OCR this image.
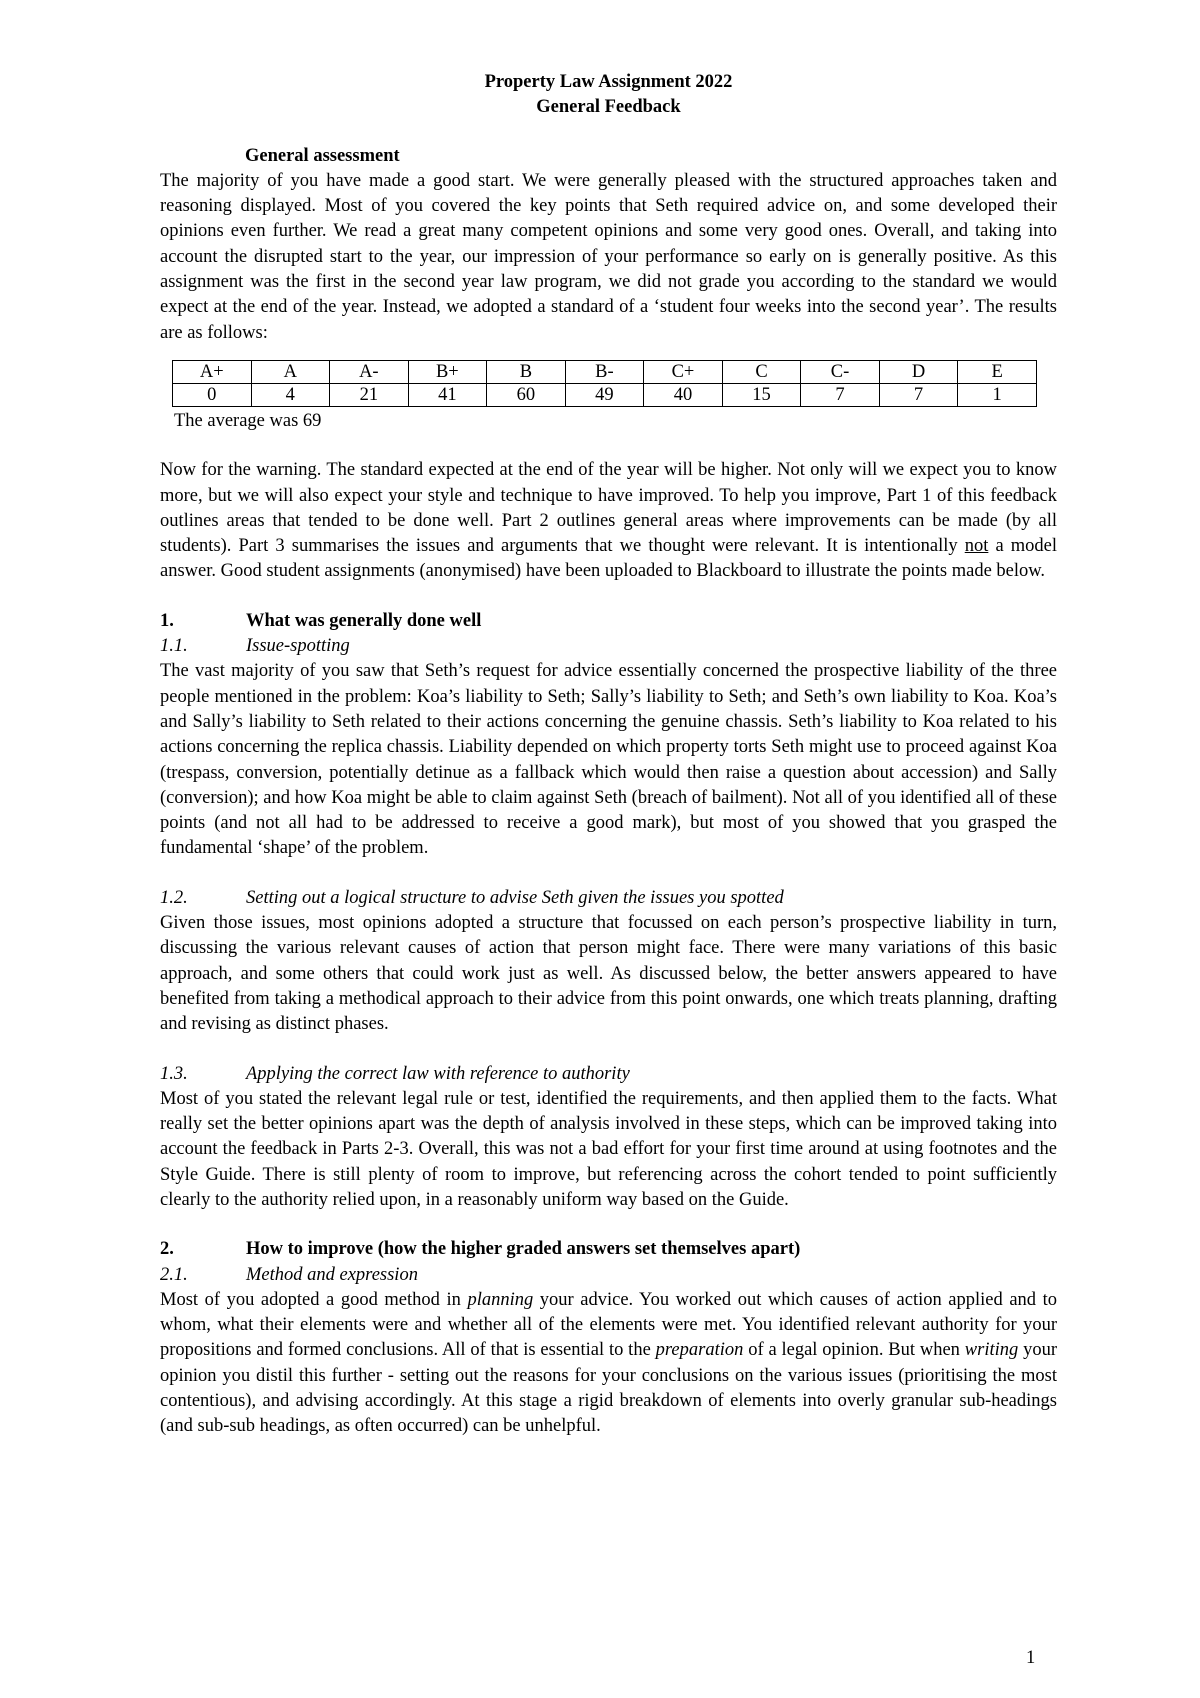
Property Law Assignment 2022

General Feedback

General assessment

The majority of you have made a good start. We were generally pleased with the structured approaches taken and reasoning displayed. Most of you covered the key points that Seth required advice on, and some developed their opinions even further. We read a great many competent opinions and some very good ones. Overall, and taking into account the disrupted start to the year, our impression of your performance so early on is generally positive. As this assignment was the first in the second year law program, we did not grade you according to the standard we would expect at the end of the year. Instead, we adopted a standard of a ‘student four weeks into the second year’. The results are as follows:

A+	A	A-	B+	B	B-	C+	C	C-	D	E
0	4	21	41	60	49	40	15	7	7	1

The average was 69

Now for the warning. The standard expected at the end of the year will be higher. Not only will we expect you to know more, but we will also expect your style and technique to have improved. To help you improve, Part 1 of this feedback outlines areas that tended to be done well. Part 2 outlines general areas where improvements can be made (by all students). Part 3 summarises the issues and arguments that we thought were relevant. It is intentionally not a model answer. Good student assignments (anonymised) have been uploaded to Blackboard to illustrate the points made below.

1.	What was generally done well

1.1.	Issue-spotting

The vast majority of you saw that Seth’s request for advice essentially concerned the prospective liability of the three people mentioned in the problem: Koa’s liability to Seth; Sally’s liability to Seth; and Seth’s own liability to Koa. Koa’s and Sally’s liability to Seth related to their actions concerning the genuine chassis. Seth’s liability to Koa related to his actions concerning the replica chassis. Liability depended on which property torts Seth might use to proceed against Koa (trespass, conversion, potentially detinue as a fallback which would then raise a question about accession) and Sally (conversion); and how Koa might be able to claim against Seth (breach of bailment). Not all of you identified all of these points (and not all had to be addressed to receive a good mark), but most of you showed that you grasped the fundamental ‘shape’ of the problem.

1.2.	Setting out a logical structure to advise Seth given the issues you spotted

Given those issues, most opinions adopted a structure that focussed on each person’s prospective liability in turn, discussing the various relevant causes of action that person might face. There were many variations of this basic approach, and some others that could work just as well. As discussed below, the better answers appeared to have benefited from taking a methodical approach to their advice from this point onwards, one which treats planning, drafting and revising as distinct phases.

1.3.	Applying the correct law with reference to authority

Most of you stated the relevant legal rule or test, identified the requirements, and then applied them to the facts. What really set the better opinions apart was the depth of analysis involved in these steps, which can be improved taking into account the feedback in Parts 2-3. Overall, this was not a bad effort for your first time around at using footnotes and the Style Guide. There is still plenty of room to improve, but referencing across the cohort tended to point sufficiently clearly to the authority relied upon, in a reasonably uniform way based on the Guide.

2.	How to improve (how the higher graded answers set themselves apart)

2.1.	Method and expression

Most of you adopted a good method in planning your advice. You worked out which causes of action applied and to whom, what their elements were and whether all of the elements were met. You identified relevant authority for your propositions and formed conclusions. All of that is essential to the preparation of a legal opinion. But when writing your opinion you distil this further - setting out the reasons for your conclusions on the various issues (prioritising the most contentious), and advising accordingly. At this stage a rigid breakdown of elements into overly granular sub-headings (and sub-sub headings, as often occurred) can be unhelpful.

1
